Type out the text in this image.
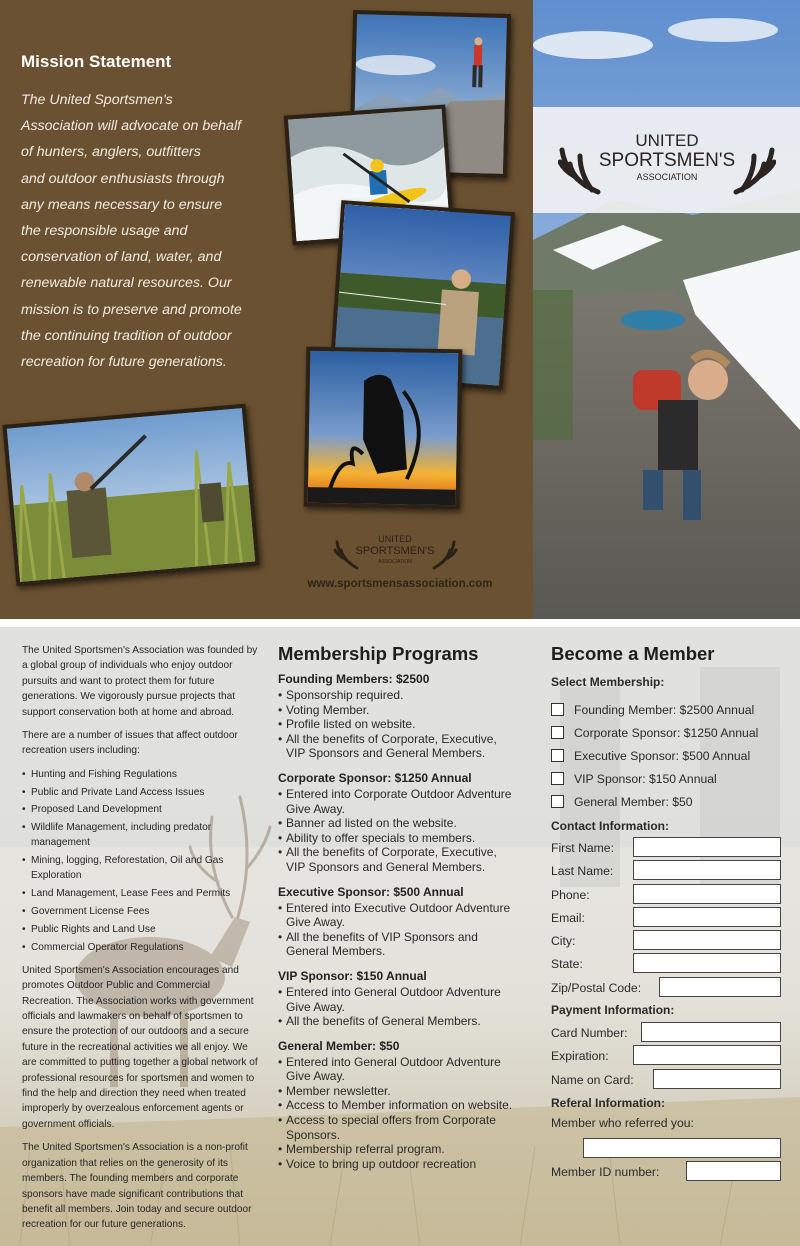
Mission Statement
The United Sportsmen's
Association will advocate on behalf
of hunters, anglers, outfitters
and outdoor enthusiasts through
any means necessary to ensure
the responsible usage and
conservation of land, water, and
renewable natural resources. Our
mission is to preserve and promote
the continuing tradition of outdoor
recreation for future generations.
UNITED
SPORTSMEN'S
ASSOCIATION
www.sportsmensassociation.com
UNITED
SPORTSMEN'S
ASSOCIATION

The United Sportsmen's Association was founded by a global group of individuals who enjoy outdoor pursuits and want to protect them for future generations. We vigorously pursue projects that support conservation both at home and abroad.

There are a number of issues that affect outdoor recreation users including:

• Hunting and Fishing Regulations
• Public and Private Land Access Issues
• Proposed Land Development
• Wildlife Management, including predator management
• Mining, logging, Reforestation, Oil and Gas Exploration
• Land Management, Lease Fees and Permits
• Government License Fees
• Public Rights and Land Use
• Commercial Operator Regulations

United Sportsmen's Association encourages and promotes Outdoor Public and Commercial Recreation. The Association works with government officials and lawmakers on behalf of sportsmen to ensure the protection of our outdoors and a secure future in the recreational activities we all enjoy. We are committed to putting together a global network of professional resources for sportsmen and women to find the help and direction they need when treated improperly by overzealous enforcement agents or government officials.

The United Sportsmen's Association is a non-profit organization that relies on the generosity of its members. The founding members and corporate sponsors have made significant contributions that benefit all members. Join today and secure outdoor recreation for our future generations.

Membership Programs
Founding Members: $2500
• Sponsorship required.
• Voting Member.
• Profile listed on website.
• All the benefits of Corporate, Executive, VIP Sponsors and General Members.
Corporate Sponsor: $1250 Annual
• Entered into Corporate Outdoor Adventure Give Away.
• Banner ad listed on the website.
• Ability to offer specials to members.
• All the benefits of Corporate, Executive, VIP Sponsors and General Members.
Executive Sponsor: $500 Annual
• Entered into Executive Outdoor Adventure Give Away.
• All the benefits of VIP Sponsors and General Members.
VIP Sponsor: $150 Annual
• Entered into General Outdoor Adventure Give Away.
• All the benefits of General Members.
General Member: $50
• Entered into General Outdoor Adventure Give Away.
• Member newsletter.
• Access to Member information on website.
• Access to special offers from Corporate Sponsors.
• Membership referral program.
• Voice to bring up outdoor recreation
Become a Member
Select Membership:
Founding Member: $2500 Annual
Corporate Sponsor: $1250 Annual
Executive Sponsor: $500 Annual
VIP Sponsor: $150 Annual
General Member: $50
Contact Information:
First Name:
Last Name:
Phone:
Email:
City:
State:
Zip/Postal Code:
Payment Information:
Card Number:
Expiration:
Name on Card:
Referal Information:
Member who referred you:
Member ID number:
